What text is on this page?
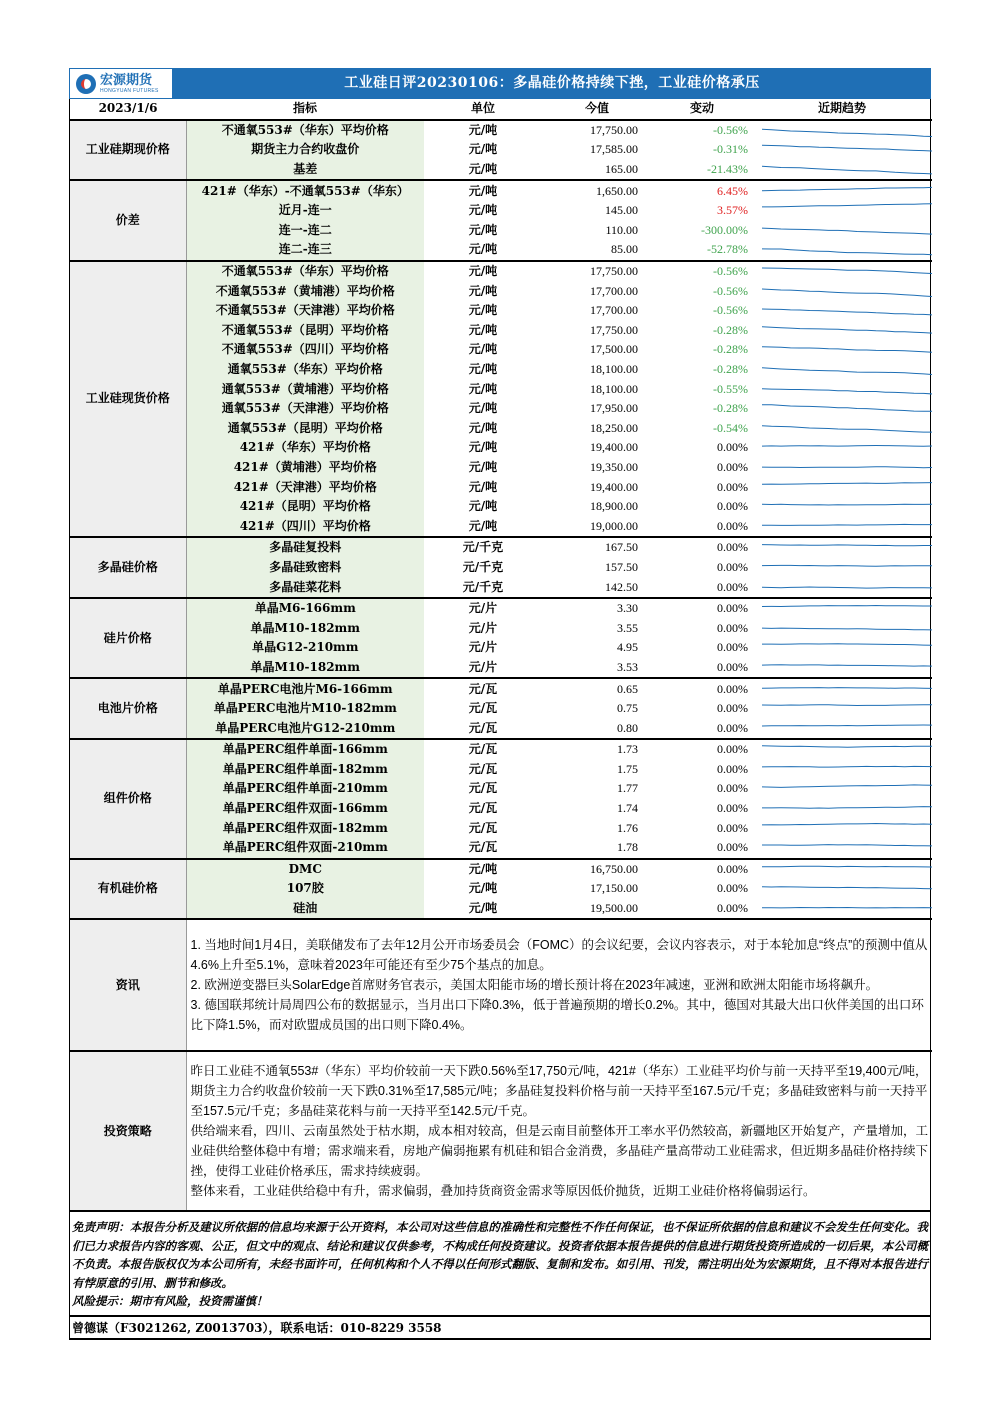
宏源期货
HONGYUAN FUTURES	工业硅日评20230106：多晶硅价格持续下挫，工业硅价格承压
2023/1/6	指标	单位	今值	变动	近期趋势
工业硅期现价格	不通氧553#（华东）平均价格	元/吨	17,750.00	-0.56%	

	期货主力合约收盘价	元/吨	17,585.00	-0.31%	

	基差	元/吨	165.00	-21.43%	

价差	421#（华东）-不通氧553#（华东）	元/吨	1,650.00	6.45%	

	近月-连一	元/吨	145.00	3.57%	

	连一-连二	元/吨	110.00	-300.00%	

	连二-连三	元/吨	85.00	-52.78%	

工业硅现货价格	不通氧553#（华东）平均价格	元/吨	17,750.00	-0.56%	

	不通氧553#（黄埔港）平均价格	元/吨	17,700.00	-0.56%	

	不通氧553#（天津港）平均价格	元/吨	17,700.00	-0.56%	

	不通氧553#（昆明）平均价格	元/吨	17,750.00	-0.28%	

	不通氧553#（四川）平均价格	元/吨	17,500.00	-0.28%	

	通氧553#（华东）平均价格	元/吨	18,100.00	-0.28%	

	通氧553#（黄埔港）平均价格	元/吨	18,100.00	-0.55%	

	通氧553#（天津港）平均价格	元/吨	17,950.00	-0.28%	

	通氧553#（昆明）平均价格	元/吨	18,250.00	-0.54%	

	421#（华东）平均价格	元/吨	19,400.00	0.00%	

	421#（黄埔港）平均价格	元/吨	19,350.00	0.00%	

	421#（天津港）平均价格	元/吨	19,400.00	0.00%	

	421#（昆明）平均价格	元/吨	18,900.00	0.00%	

	421#（四川）平均价格	元/吨	19,000.00	0.00%	

多晶硅价格	多晶硅复投料	元/千克	167.50	0.00%	

	多晶硅致密料	元/千克	157.50	0.00%	

	多晶硅菜花料	元/千克	142.50	0.00%	

硅片价格	单晶M6-166mm	元/片	3.30	0.00%	

	单晶M10-182mm	元/片	3.55	0.00%	

	单晶G12-210mm	元/片	4.95	0.00%	

	单晶M10-182mm	元/片	3.53	0.00%	

电池片价格	单晶PERC电池片M6-166mm	元/瓦	0.65	0.00%	

	单晶PERC电池片M10-182mm	元/瓦	0.75	0.00%	

	单晶PERC电池片G12-210mm	元/瓦	0.80	0.00%	

组件价格	单晶PERC组件单面-166mm	元/瓦	1.73	0.00%	

	单晶PERC组件单面-182mm	元/瓦	1.75	0.00%	

	单晶PERC组件单面-210mm	元/瓦	1.77	0.00%	

	单晶PERC组件双面-166mm	元/瓦	1.74	0.00%	

	单晶PERC组件双面-182mm	元/瓦	1.76	0.00%	

	单晶PERC组件双面-210mm	元/瓦	1.78	0.00%	

有机硅价格	DMC	元/吨	16,750.00	0.00%	

	107胶	元/吨	17,150.00	0.00%	

	硅油	元/吨	19,500.00	0.00%	

资讯	1. 当地时间1月4日，美联储发布了去年12月公开市场委员会（FOMC）的会议纪要，会议内容表示，对于本轮加息“终点”的预测中值从4.6%上升至5.1%，意味着2023年可能还有至少75个基点的加息。
2. 欧洲逆变器巨头SolarEdge首席财务官表示，美国太阳能市场的增长预计将在2023年减速，亚洲和欧洲太阳能市场将飙升。
3. 德国联邦统计局周四公布的数据显示，当月出口下降0.3%，低于普遍预期的增长0.2%。其中，德国对其最大出口伙伴美国的出口环比下降1.5%，而对欧盟成员国的出口则下降0.4%。				

投资策略	昨日工业硅不通氧553#（华东）平均价较前一天下跌0.56%至17,750元/吨，421#（华东）工业硅平均价与前一天持平至19,400元/吨，期货主力合约收盘价较前一天下跌0.31%至17,585元/吨；多晶硅复投料价格与前一天持平至167.5元/千克；多晶硅致密料与前一天持平至157.5元/千克；多晶硅菜花料与前一天持平至142.5元/千克。
供给端来看，四川、云南虽然处于枯水期，成本相对较高，但是云南目前整体开工率水平仍然较高，新疆地区开始复产，产量增加，工业硅供给整体稳中有增；需求端来看，房地产偏弱拖累有机硅和铝合金消费，多晶硅产量高带动工业硅需求，但近期多晶硅价格持续下挫，使得工业硅价格承压，需求持续疲弱。
整体来看，工业硅供给稳中有升，需求偏弱，叠加持货商资金需求等原因低价抛货，近期工业硅价格将偏弱运行。				
免责声明：本报告分析及建议所依据的信息均来源于公开资料，本公司对这些信息的准确性和完整性不作任何保证，也不保证所依据的信息和建议不会发生任何变化。我们已力求报告内容的客观、公正，但文中的观点、结论和建议仅供参考，不构成任何投资建议。投资者依据本报告提供的信息进行期货投资所造成的一切后果，本公司概不负责。本报告版权仅为本公司所有，未经书面许可，任何机构和个人不得以任何形式翻版、复制和发布。如引用、刊发，需注明出处为宏源期货，且不得对本报告进行有悖原意的引用、删节和修改。
风险提示：期市有风险，投资需谨慎！
曾德谋（F3021262, Z0013703），联系电话：010-8229 3558
